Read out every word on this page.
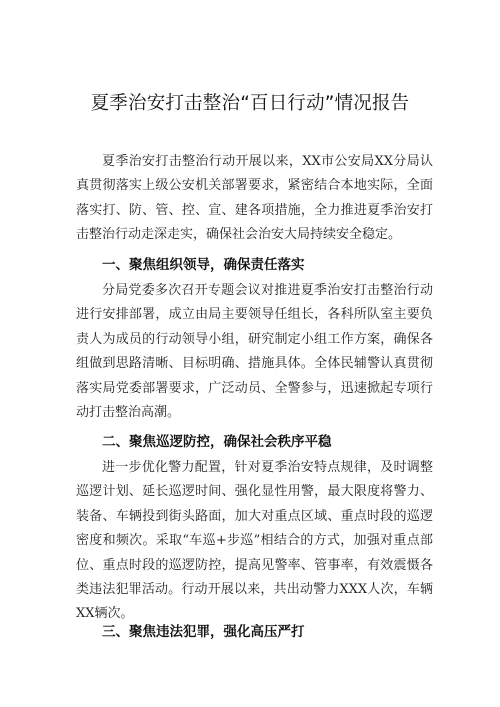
夏季治安打击整治“百日行动”情况报告

夏季治安打击整治行动开展以来，XX市公安局XX分局认真贯彻落实上级公安机关部署要求，紧密结合本地实际，全面落实打、防、管、控、宣、建各项措施，全力推进夏季治安打击整治行动走深走实，确保社会治安大局持续安全稳定。

一、聚焦组织领导，确保责任落实

分局党委多次召开专题会议对推进夏季治安打击整治行动进行安排部署，成立由局主要领导任组长，各科所队室主要负责人为成员的行动领导小组，研究制定小组工作方案，确保各组做到思路清晰、目标明确、措施具体。全体民辅警认真贯彻落实局党委部署要求，广泛动员、全警参与，迅速掀起专项行动打击整治高潮。

二、聚焦巡逻防控，确保社会秩序平稳

进一步优化警力配置，针对夏季治安特点规律，及时调整巡逻计划、延长巡逻时间、强化显性用警，最大限度将警力、装备、车辆投到街头路面，加大对重点区域、重点时段的巡逻密度和频次。采取“车巡+步巡”相结合的方式，加强对重点部位、重点时段的巡逻防控，提高见警率、管事率，有效震慑各类违法犯罪活动。行动开展以来，共出动警力XXX人次，车辆XX辆次。

三、聚焦违法犯罪，强化高压严打
